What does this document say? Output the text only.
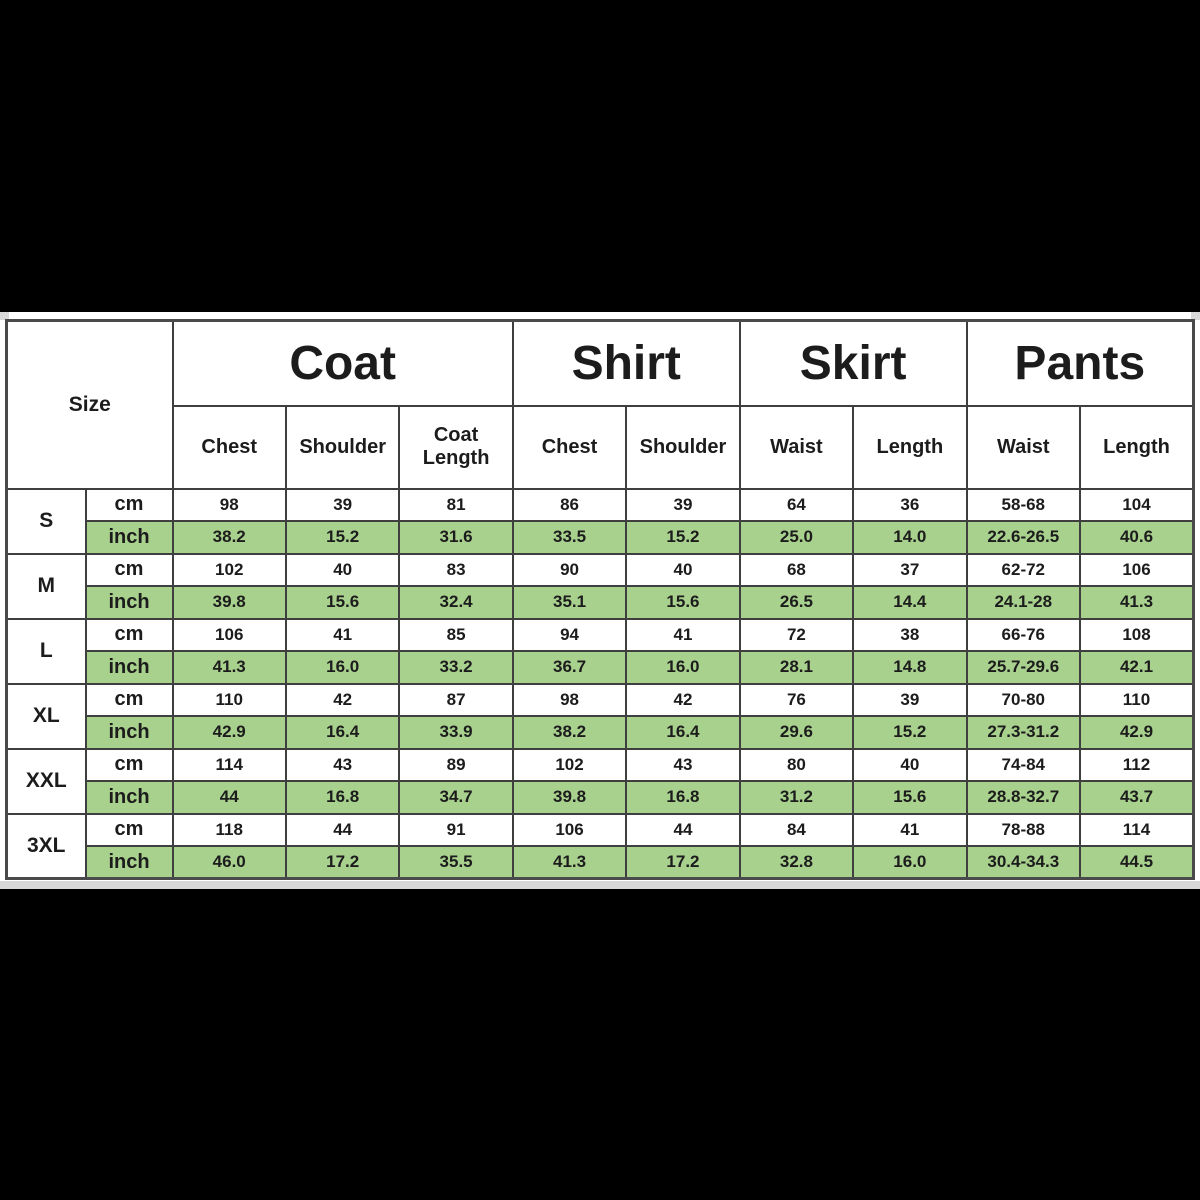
Size		Coat			Shirt		Skirt		Pants	
		Chest	Shoulder	Coat Length	Chest	Shoulder	Waist	Length	Waist	Length
S	cm	98	39	81	86	39	64	36	58-68	104
	inch	38.2	15.2	31.6	33.5	15.2	25.0	14.0	22.6-26.5	40.6
M	cm	102	40	83	90	40	68	37	62-72	106
	inch	39.8	15.6	32.4	35.1	15.6	26.5	14.4	24.1-28	41.3
L	cm	106	41	85	94	41	72	38	66-76	108
	inch	41.3	16.0	33.2	36.7	16.0	28.1	14.8	25.7-29.6	42.1
XL	cm	110	42	87	98	42	76	39	70-80	110
	inch	42.9	16.4	33.9	38.2	16.4	29.6	15.2	27.3-31.2	42.9
XXL	cm	114	43	89	102	43	80	40	74-84	112
	inch	44	16.8	34.7	39.8	16.8	31.2	15.6	28.8-32.7	43.7
3XL	cm	118	44	91	106	44	84	41	78-88	114
	inch	46.0	17.2	35.5	41.3	17.2	32.8	16.0	30.4-34.3	44.5
